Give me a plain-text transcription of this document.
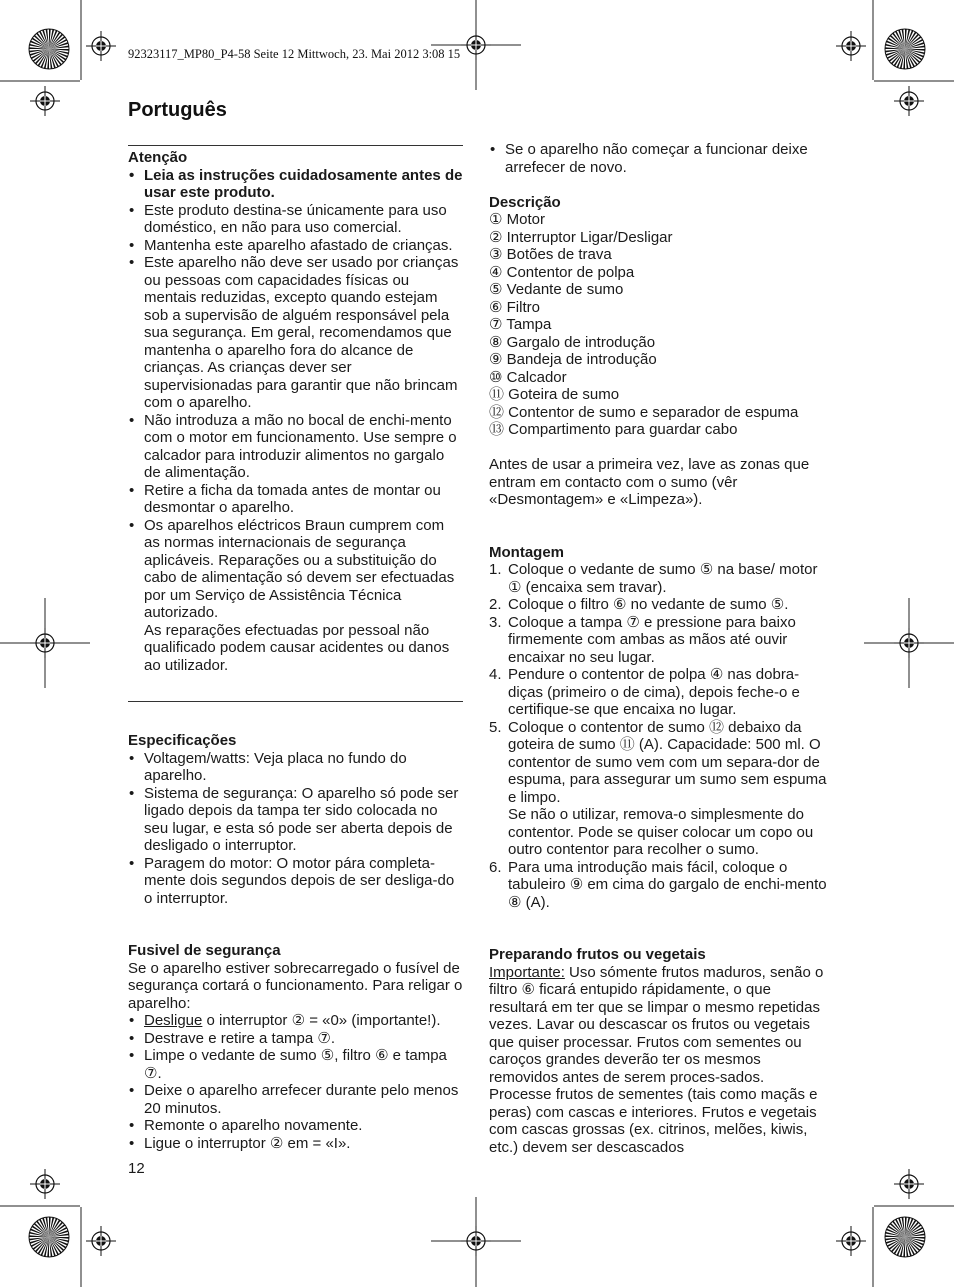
92323117_MP80_P4-58 Seite 12 Mittwoch, 23. Mai 2012 3:08 15
Português

Atenção

• Leia as instruções cuidadosamente antes de usar este produto.
• Este produto destina-se únicamente para uso doméstico, en não para uso comercial.
• Mantenha este aparelho afastado de crianças.
• Este aparelho não deve ser usado por crianças ou pessoas com capacidades físicas ou mentais reduzidas, excepto quando estejam sob a supervisão de alguém responsável pela sua segurança. Em geral, recomendamos que mantenha o aparelho fora do alcance de crianças. As crianças dever ser supervisionadas para garantir que não brincam com o aparelho.
• Não introduza a mão no bocal de enchi-mento com o motor em funcionamento. Use sempre o calcador para introduzir alimentos no gargalo de alimentação.
• Retire a ficha da tomada antes de montar ou desmontar o aparelho.
• Os aparelhos eléctricos Braun cumprem com as normas internacionais de segurança aplicáveis. Reparações ou a substituição do cabo de alimentação só devem ser efectuadas por um Serviço de Assistência Técnica autorizado.

As reparações efectuadas por pessoal não qualificado podem causar acidentes ou danos ao utilizador.

Especificações

• Voltagem/watts: Veja placa no fundo do aparelho.
• Sistema de segurança: O aparelho só pode ser ligado depois da tampa ter sido colocada no seu lugar, e esta só pode ser aberta depois de desligado o interruptor.
• Paragem do motor: O motor pára completa-mente dois segundos depois de ser desliga-do o interruptor.

Fusivel de segurança

Se o aparelho estiver sobrecarregado o fusível de segurança cortará o funcionamento. Para religar o aparelho:

• Desligue o interruptor ② = «0» (importante!).
• Destrave e retire a tampa ⑦.
• Limpe o vedante de sumo ⑤, filtro ⑥ e tampa ⑦.
• Deixe o aparelho arrefecer durante pelo menos 20 minutos.
• Remonte o aparelho novamente.
• Ligue o interruptor ② em = «I».
12
• Se o aparelho não começar a funcionar deixe arrefecer de novo.

Descrição

① Motor

② Interruptor Ligar/Desligar

③ Botões de trava

④ Contentor de polpa

⑤ Vedante de sumo

⑥ Filtro

⑦ Tampa

⑧ Gargalo de introdução

⑨ Bandeja de introdução

⑩ Calcador

⑪ Goteira de sumo

⑫ Contentor de sumo e separador de espuma

⑬ Compartimento para guardar cabo

Antes de usar a primeira vez, lave as zonas que entram em contacto com o sumo (vêr «Desmontagem» e «Limpeza»).

Montagem

1. Coloque o vedante de sumo ⑤ na base/ motor ① (encaixa sem travar).
2. Coloque o filtro ⑥ no vedante de sumo ⑤.
3. Coloque a tampa ⑦ e pressione para baixo firmemente com ambas as mãos até ouvir encaixar no seu lugar.
4. Pendure o contentor de polpa ④ nas dobra-diças (primeiro o de cima), depois feche-o e certifique-se que encaixa no lugar.
5. Coloque o contentor de sumo ⑫ debaixo da goteira de sumo ⑪ (A). Capacidade: 500 ml. O contentor de sumo vem com um separa-dor de espuma, para assegurar um sumo sem espuma e limpo.
Se não o utilizar, remova-o simplesmente do contentor. Pode se quiser colocar um copo ou outro contentor para recolher o sumo.
6. Para uma introdução mais fácil, coloque o tabuleiro ⑨ em cima do gargalo de enchi-mento ⑧ (A).

Preparando frutos ou vegetais

Importante: Uso sómente frutos maduros, senão o filtro ⑥ ficará entupido rápidamente, o que resultará em ter que se limpar o mesmo repetidas vezes. Lavar ou descascar os frutos ou vegetais que quiser processar. Frutos com sementes ou caroços grandes deverão ter os mesmos removidos antes de serem proces-sados. Processe frutos de sementes (tais como maçãs e peras) com cascas e interiores. Frutos e vegetais com cascas grossas (ex. citrinos, melões, kiwis, etc.) devem ser descascados
